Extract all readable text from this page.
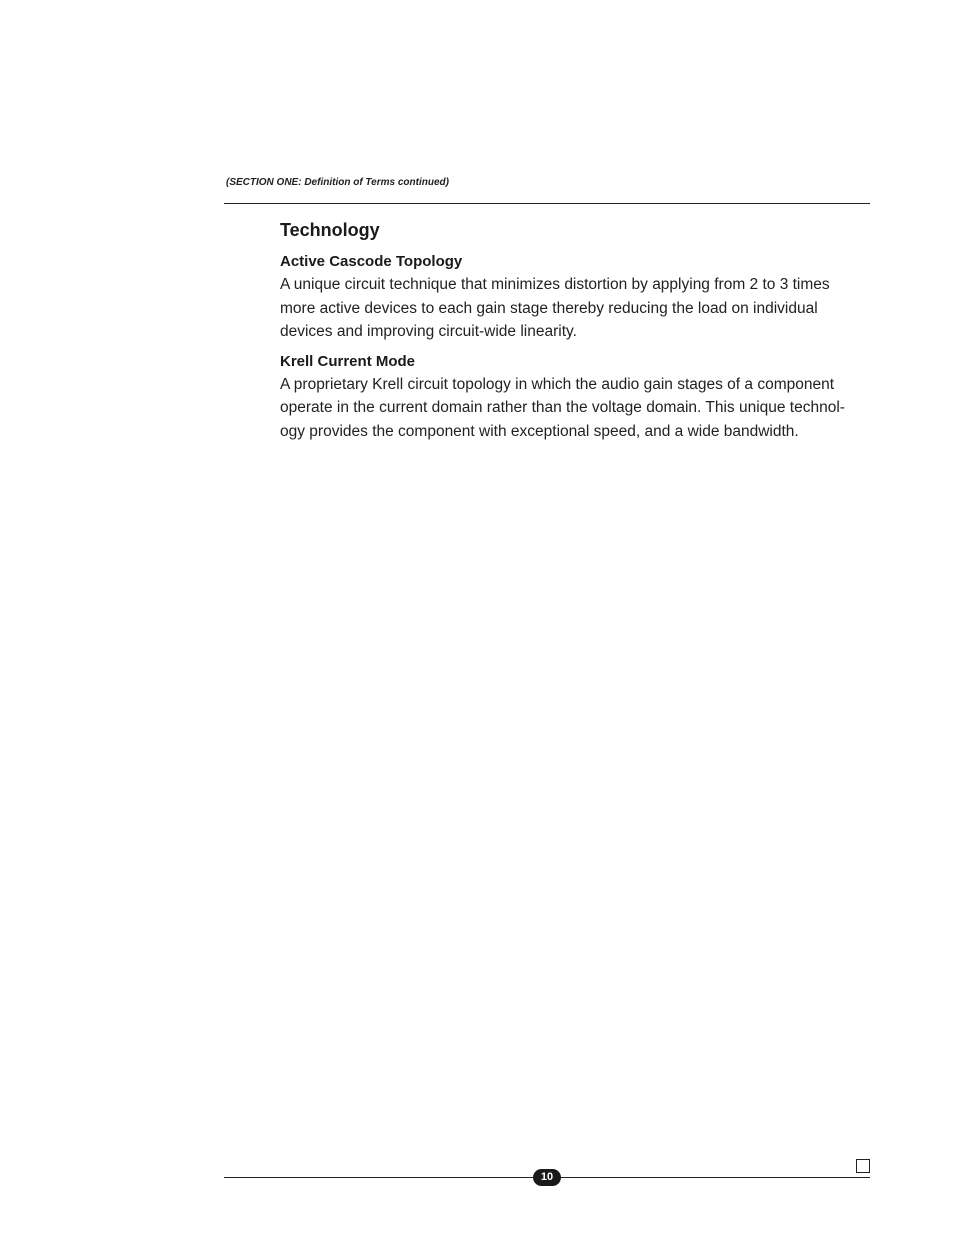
(SECTION ONE: Definition of Terms continued)
Technology

Active Cascode Topology

A unique circuit technique that minimizes distortion by applying from 2 to 3 times more active devices to each gain stage thereby reducing the load on individual devices and improving circuit-wide linearity.

Krell Current Mode

A proprietary Krell circuit topology in which the audio gain stages of a component operate in the current domain rather than the voltage domain. This unique technol-ogy provides the component with exceptional speed, and a wide bandwidth.

10
